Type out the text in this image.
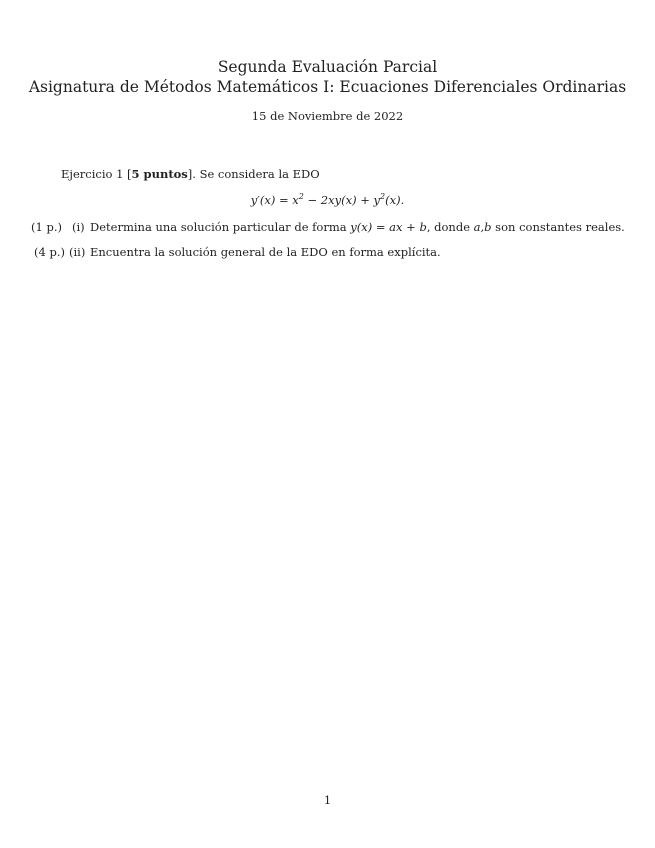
Segunda Evaluación Parcial
Asignatura de Métodos Matemáticos I: Ecuaciones Diferenciales Ordinarias
15 de Noviembre de 2022
Ejercicio 1 [5 puntos]. Se considera la EDO
$y'(x) = x^2 - 2xy(x) + y^2(x)$.
(1 p.) (i) Determina una solución particular de forma y(x) = ax + b, donde a,b son constantes reales.
(4 p.) (ii) Encuentra la solución general de la EDO en forma explícita.
1
